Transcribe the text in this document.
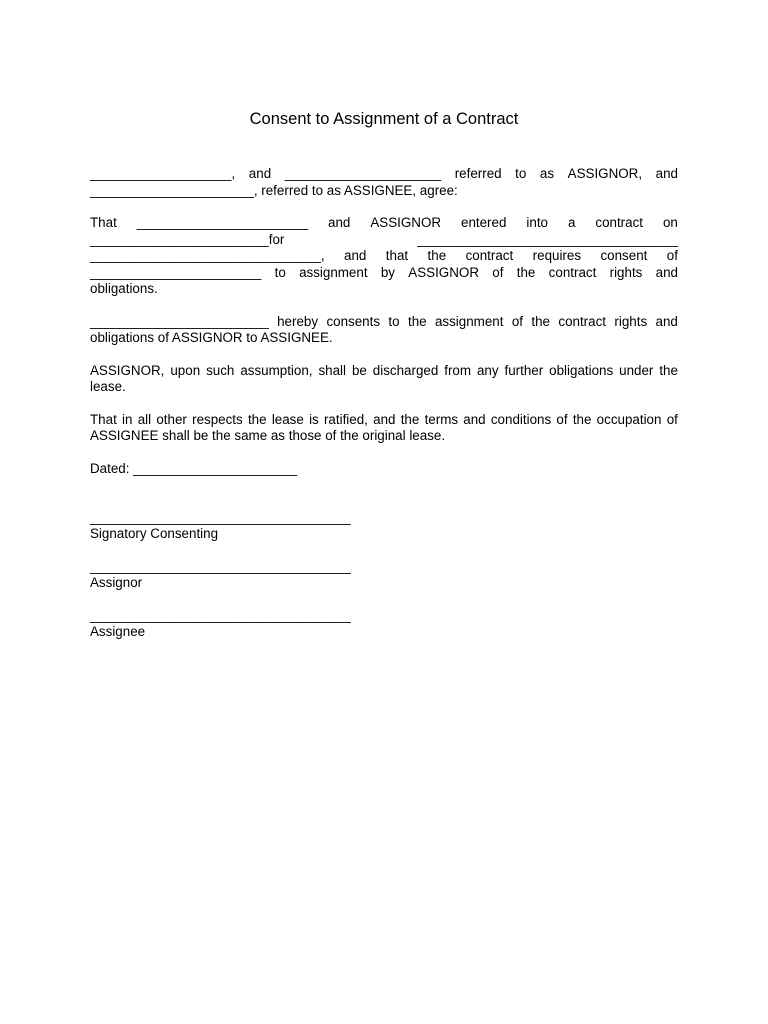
Consent to Assignment of a Contract
___________________, and _____________________ referred to as ASSIGNOR, and
______________________, referred to as ASSIGNEE, agree:
That _______________________ and ASSIGNOR entered into a contract on
________________________for	___________________________________
_______________________________, and that the contract requires consent of
_______________________ to assignment by ASSIGNOR of the contract rights and
obligations.
________________________ hereby consents to the assignment of the contract rights and
obligations of ASSIGNOR to ASSIGNEE.
ASSIGNOR, upon such assumption, shall be discharged from any further obligations under the
lease.
That in all other respects the lease is ratified, and the terms and conditions of the occupation of
ASSIGNEE shall be the same as those of the original lease.
Dated: ______________________
___________________________________
Signatory Consenting
___________________________________
Assignor
___________________________________
Assignee
